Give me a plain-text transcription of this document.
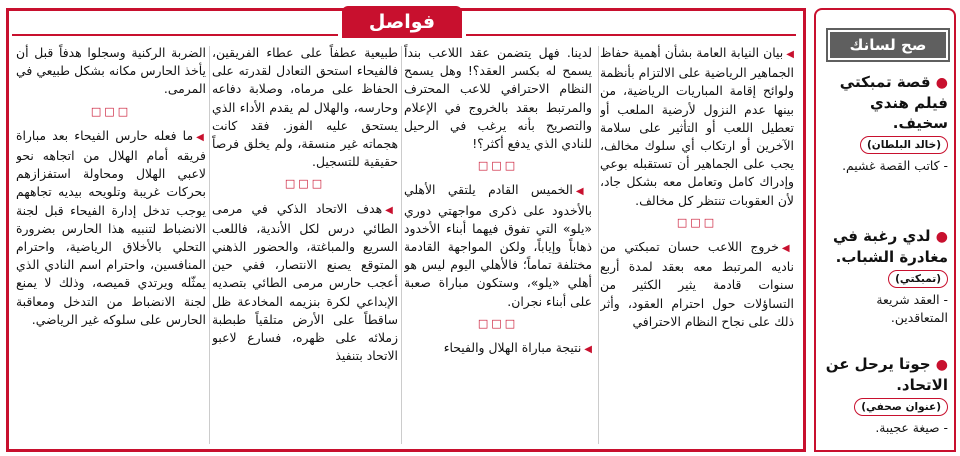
فواصل

◀بيان النيابة العامة بشأن أهمية حفاظ الجماهير الرياضية على الالتزام بأنظمة ولوائح إقامة المباريات الرياضية، من بينها عدم النزول لأرضية الملعب أو تعطيل اللعب أو التأثير على سلامة الآخرين أو ارتكاب أي سلوك مخالف، يجب على الجماهير أن تستقبله بوعي وإدراك كامل وتعامل معه بشكل جاد، لأن العقوبات تنتظر كل مخالف.

□□□

◀خروج اللاعب حسان تمبكتي من ناديه المرتبط معه بعقد لمدة أربع سنوات قادمة يثير الكثير من التساؤلات حول احترام العقود، وأثر ذلك على نجاح النظام الاحترافي

لدينا. فهل يتضمن عقد اللاعب بنداً يسمح له بكسر العقد؟! وهل يسمح النظام الاحترافي للاعب المحترف والمرتبط بعقد بالخروج في الإعلام والتصريح بأنه يرغب في الرحيل للنادي الذي يدفع أكثر؟!

□□□

◀الخميس القادم يلتقي الأهلي بالأخدود على ذكرى مواجهتي دوري «يلو» التي تفوق فيهما أبناء الأخدود ذهاباً وإياباً، ولكن المواجهة القادمة مختلفة تماماً؛ فالأهلي اليوم ليس هو أهلي «يلو»، وستكون مباراة صعبة على أبناء نجران.

□□□

◀نتيجة مباراة الهلال والفيحاء

طبيعية عطفاً على عطاء الفريقين، فالفيحاء استحق التعادل لقدرته على الحفاظ على مرماه، وصلابة دفاعه وحارسه، والهلال لم يقدم الأداء الذي يستحق عليه الفوز. فقد كانت هجماته غير منسقة، ولم يخلق فرصاً حقيقية للتسجيل.

□□□

◀هدف الاتحاد الذكي في مرمى الطائي درس لكل الأندية، فاللعب السريع والمباغتة، والحضور الذهني المتوقع يصنع الانتصار، ففي حين أعجب حارس مرمى الطائي بتصديه الإبداعي لكرة بنزيمه المخادعة ظل ساقطاً على الأرض متلقياً طبطبة زملائه على ظهره، فسارع لاعبو الاتحاد بتنفيذ

الضربة الركنية وسجلوا هدفاً قبل أن يأخذ الحارس مكانه بشكل طبيعي في المرمى.

□□□

◀ما فعله حارس الفيحاء بعد مباراة فريقه أمام الهلال من اتجاهه نحو لاعبي الهلال ومحاولة استفزازهم بحركات غريبة وتلويحه بيديه تجاههم يوجب تدخل إدارة الفيحاء قبل لجنة الانضباط لتنبيه هذا الحارس بضرورة التحلي بالأخلاق الرياضية، واحترام المنافسين، واحترام اسم النادي الذي يمثّله ويرتدي قميصه، وذلك لا يمنع لجنة الانضباط من التدخل ومعاقبة الحارس على سلوكه غير الرياضي.

صح لسانك
● قصة تمبكتي فيلم هندي سخيف.
(خالد البلطان)
- كاتب القصة غشيم.
● لدي رغبة في مغادرة الشباب.
(تمبكتي)
- العقد شريعة المتعاقدين.
● جوتا يرحل عن الاتحاد.
(عنوان صحفي)
- صيغة عجيبة.
